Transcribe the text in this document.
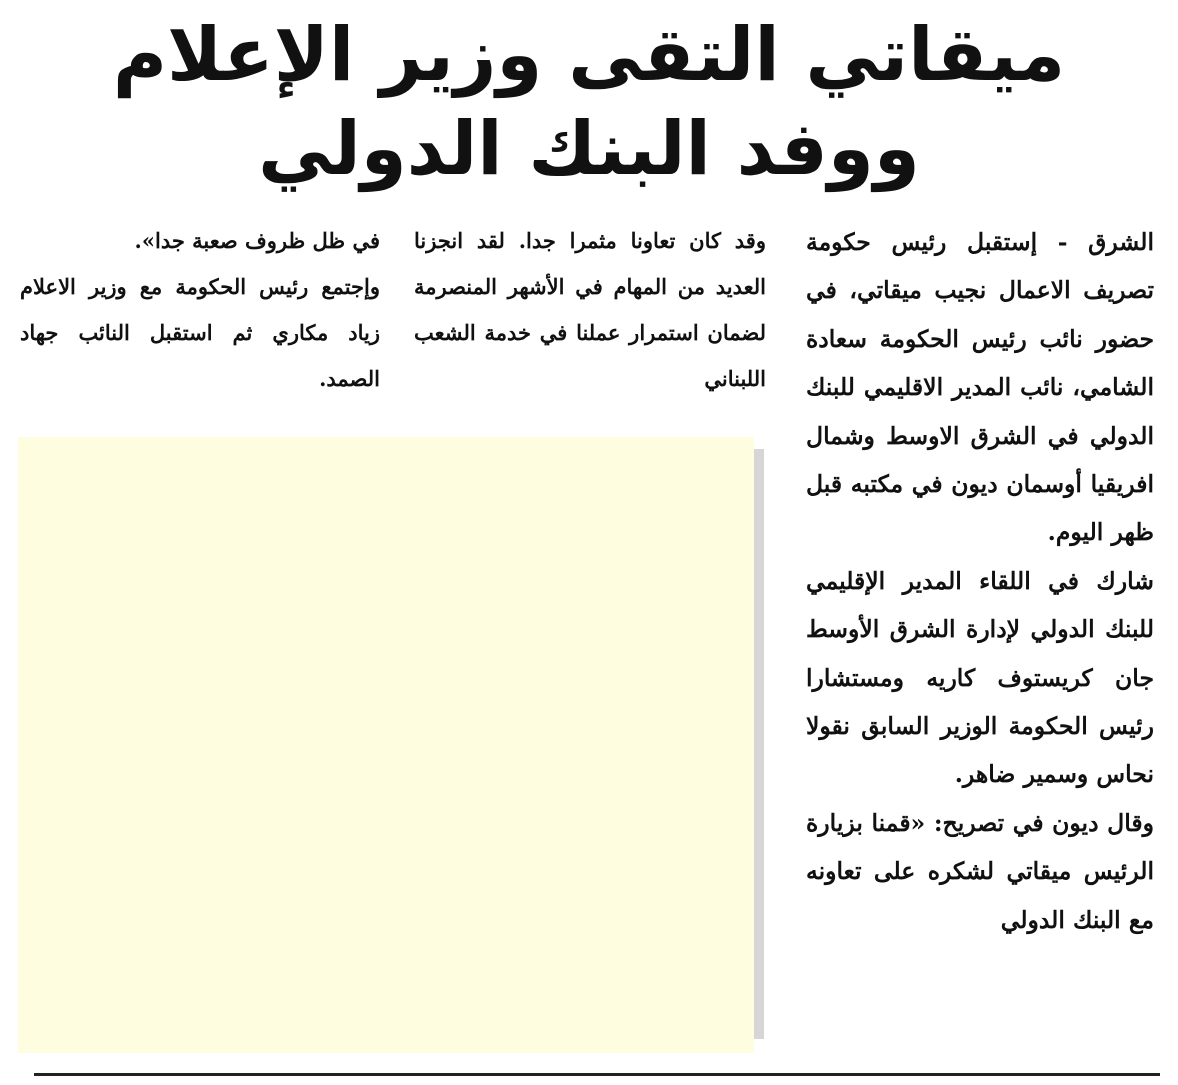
ميقاتي التقى وزير الإعلام
ووفد البنك الدولي

الشرق - إستقبل رئيس حكومة تصريف الاعمال نجيب ميقاتي، في حضور نائب رئيس الحكومة سعادة الشامي، نائب المدير الاقليمي للبنك الدولي في الشرق الاوسط وشمال افريقيا أوسمان ديون في مكتبه قبل ظهر اليوم.

شارك في اللقاء المدير الإقليمي للبنك الدولي لإدارة الشرق الأوسط جان كريستوف كاريه ومستشارا رئيس الحكومة الوزير السابق نقولا نحاس وسمير ضاهر.

وقال ديون في تصريح: «قمنا بزيارة الرئيس ميقاتي لشكره على تعاونه مع البنك الدولي

وقد كان تعاونا مثمرا جدا. لقد انجزنا العديد من المهام في الأشهر المنصرمة لضمان استمرار عملنا في خدمة الشعب اللبناني

في ظل ظروف صعبة جدا».

وإجتمع رئيس الحكومة مع وزير الاعلام زياد مكاري ثم استقبل النائب جهاد الصمد.
